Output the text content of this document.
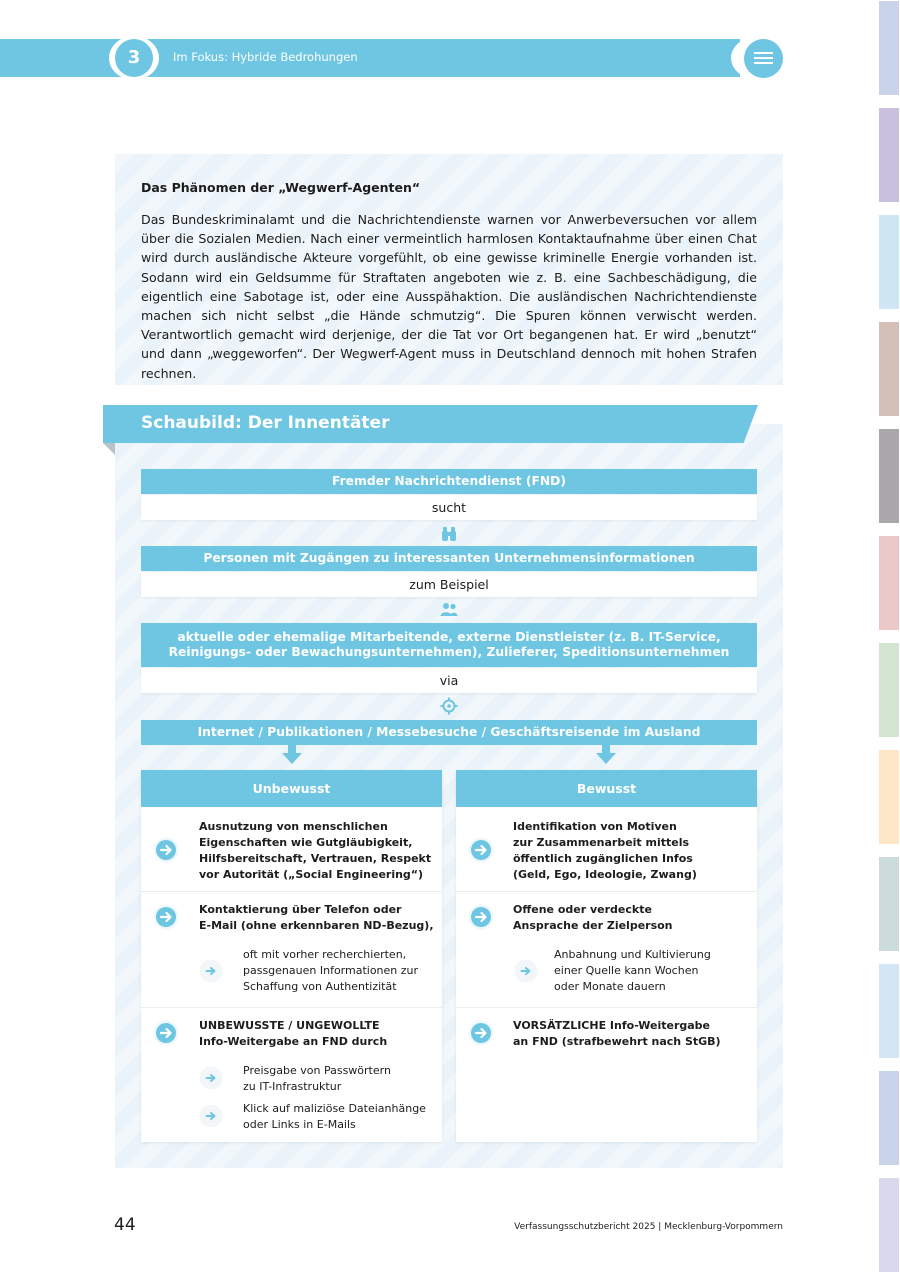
3	Im Fokus: Hybride Bedrohungen
Das Phänomen der „Wegwerf-Agenten“
Das Bundeskriminalamt und die Nachrichtendienste warnen vor Anwerbeversuchen vor allem über die Sozialen Medien. Nach einer vermeintlich harmlosen Kontaktaufnahme über einen Chat wird durch ausländische Akteure vorgefühlt, ob eine gewisse kriminelle Energie vorhanden ist. Sodann wird ein Geldsumme für Straftaten angeboten wie z. B. eine Sachbeschädigung, die eigentlich eine Sabotage ist, oder eine Ausspähaktion. Die ausländischen Nachrichtendienste machen sich nicht selbst „die Hände schmutzig“. Die Spuren können verwischt werden. Verantwortlich gemacht wird derjenige, der die Tat vor Ort begangenen hat. Er wird „benutzt“ und dann „weggeworfen“. Der Wegwerf-Agent muss in Deutschland dennoch mit hohen Strafen rechnen.
Schaubild: Der Innentäter
Fremder Nachrichtendienst (FND)
sucht
Personen mit Zugängen zu interessanten Unternehmensinformationen
zum Beispiel
aktuelle oder ehemalige Mitarbeitende, externe Dienstleister (z. B. IT-Service,
Reinigungs- oder Bewachungsunternehmen), Zulieferer, Speditionsunternehmen
via
Internet / Publikationen / Messebesuche / Geschäftsreisende im Ausland
Unbewusst
Ausnutzung von menschlichen
Eigenschaften wie Gutgläubigkeit,
Hilfsbereitschaft, Vertrauen, Respekt
vor Autorität („Social Engineering“)
Kontaktierung über Telefon oder
E-Mail (ohne erkennbaren ND-Bezug),
oft mit vorher recherchierten,
passgenauen Informationen zur
Schaffung von Authentizität
UNBEWUSSTE / UNGEWOLLTE
Info-Weitergabe an FND durch
Preisgabe von Passwörtern
zu IT-Infrastruktur
Klick auf maliziöse Dateianhänge
oder Links in E-Mails
Bewusst
Identifikation von Motiven
zur Zusammenarbeit mittels
öffentlich zugänglichen Infos
(Geld, Ego, Ideologie, Zwang)
Offene oder verdeckte
Ansprache der Zielperson
Anbahnung und Kultivierung
einer Quelle kann Wochen
oder Monate dauern
VORSÄTZLICHE Info-Weitergabe
an FND (strafbewehrt nach StGB)
44	Verfassungsschutzbericht 2025 | Mecklenburg-Vorpommern
